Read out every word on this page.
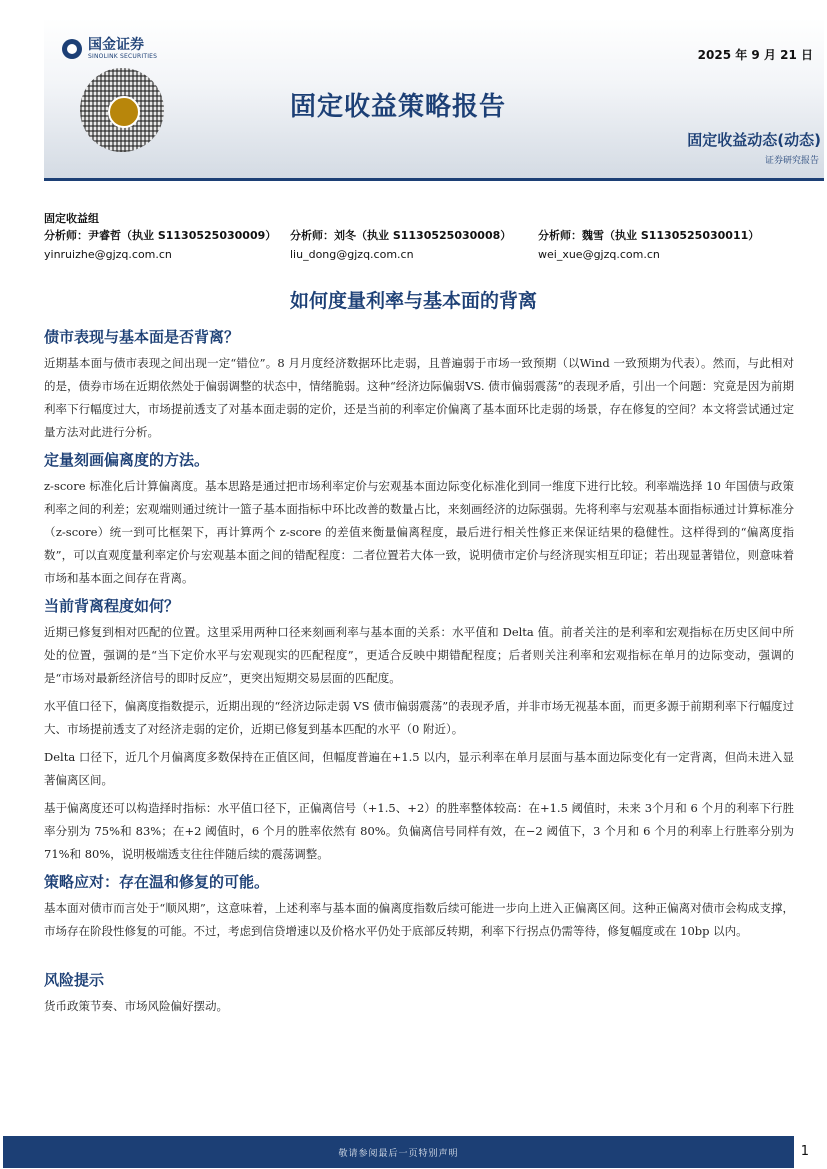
国金证券
SINOLINK SECURITIES	2025 年 9 月 21 日
固定收益策略报告
固定收益动态(动态)
证券研究报告
固定收益组
分析师：尹睿哲（执业 S1130525030009）
yinruizhe@gjzq.com.cn
分析师：刘冬（执业 S1130525030008）
liu_dong@gjzq.com.cn
分析师：魏雪（执业 S1130525030011）
wei_xue@gjzq.com.cn
如何度量利率与基本面的背离
债市表现与基本面是否背离？

近期基本面与债市表现之间出现一定“错位”。8 月月度经济数据环比走弱，且普遍弱于市场一致预期（以Wind 一致预期为代表）。然而，与此相对的是，债券市场在近期依然处于偏弱调整的状态中，情绪脆弱。这种“经济边际偏弱VS. 债市偏弱震荡”的表现矛盾，引出一个问题：究竟是因为前期利率下行幅度过大，市场提前透支了对基本面走弱的定价，还是当前的利率定价偏离了基本面环比走弱的场景，存在修复的空间？本文将尝试通过定量方法对此进行分析。

定量刻画偏离度的方法。

z-score 标准化后计算偏离度。基本思路是通过把市场利率定价与宏观基本面边际变化标准化到同一维度下进行比较。利率端选择 10 年国债与政策利率之间的利差；宏观端则通过统计一篮子基本面指标中环比改善的数量占比，来刻画经济的边际强弱。先将利率与宏观基本面指标通过计算标准分（z-score）统一到可比框架下，再计算两个 z-score 的差值来衡量偏离程度，最后进行相关性修正来保证结果的稳健性。这样得到的“偏离度指数”，可以直观度量利率定价与宏观基本面之间的错配程度：二者位置若大体一致，说明债市定价与经济现实相互印证；若出现显著错位，则意味着市场和基本面之间存在背离。

当前背离程度如何？

近期已修复到相对匹配的位置。这里采用两种口径来刻画利率与基本面的关系：水平值和 Delta 值。前者关注的是利率和宏观指标在历史区间中所处的位置，强调的是“当下定价水平与宏观现实的匹配程度”，更适合反映中期错配程度；后者则关注利率和宏观指标在单月的边际变动，强调的是“市场对最新经济信号的即时反应”，更突出短期交易层面的匹配度。

水平值口径下，偏离度指数提示，近期出现的“经济边际走弱 VS 债市偏弱震荡”的表现矛盾，并非市场无视基本面，而更多源于前期利率下行幅度过大、市场提前透支了对经济走弱的定价，近期已修复到基本匹配的水平（0 附近）。

Delta 口径下，近几个月偏离度多数保持在正值区间，但幅度普遍在+1.5 以内，显示利率在单月层面与基本面边际变化有一定背离，但尚未进入显著偏离区间。

基于偏离度还可以构造择时指标：水平值口径下，正偏离信号（+1.5、+2）的胜率整体较高：在+1.5 阈值时，未来 3个月和 6 个月的利率下行胜率分别为 75%和 83%；在+2 阈值时，6 个月的胜率依然有 80%。负偏离信号同样有效，在−2 阈值下，3 个月和 6 个月的利率上行胜率分别为 71%和 80%，说明极端透支往往伴随后续的震荡调整。

策略应对：存在温和修复的可能。

基本面对债市而言处于“顺风期”，这意味着，上述利率与基本面的偏离度指数后续可能进一步向上进入正偏离区间。这种正偏离对债市会构成支撑，市场存在阶段性修复的可能。不过，考虑到信贷增速以及价格水平仍处于底部反转期，利率下行拐点仍需等待，修复幅度或在 10bp 以内。

风险提示

货币政策节奏、市场风险偏好摆动。

敬请参阅最后一页特别声明	1
